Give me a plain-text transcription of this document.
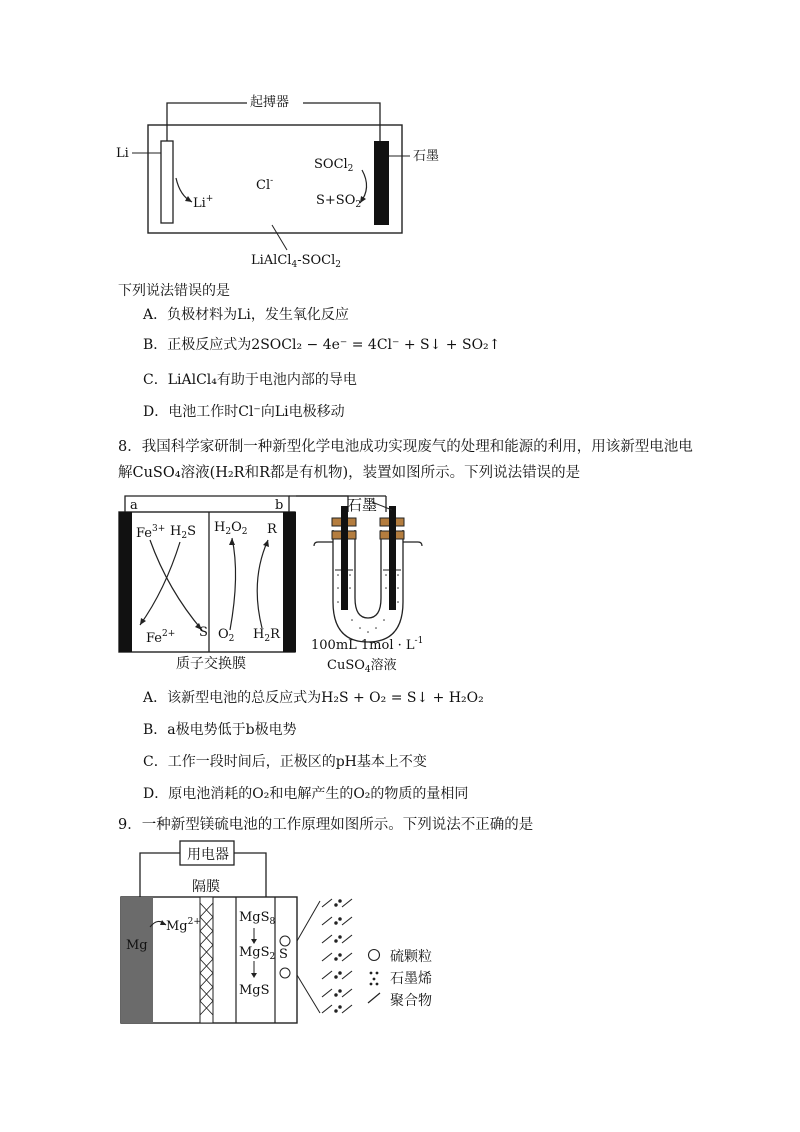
起搏器
Li	石墨
SOCl$_2$
Cl-
Li+	$S+SO_2$
LiAlCl$_4$-SOCl$_2$
下列说法错误的是
A．负极材料为Li，发生氧化反应
B．正极反应式为2SOCl₂ − 4e⁻ = 4Cl⁻ + S↓ + SO₂↑
C．LiAlCl₄有助于电池内部的导电
D．电池工作时Cl⁻向Li电极移动
8．我国科学家研制一种新型化学电池成功实现废气的处理和能源的利用，用该新型电池电
解CuSO₄溶液(H₂R和R都是有机物)，装置如图所示。下列说法错误的是
a	b	石墨
$Fe^{3+}$ $H_2S$ $H_2O_2$ R
$Fe^{2+}$ S $O_2$ $H_2R$
质子交换膜
100mL $1mol \cdot L^{-1}$
CuSO$_4$溶液
A．该新型电池的总反应式为H₂S + O₂ = S↓ + H₂O₂
B．a极电势低于b极电势
C．工作一段时间后，正极区的pH基本上不变
D．原电池消耗的O₂和电解产生的O₂的物质的量相同
9．一种新型镁硫电池的工作原理如图所示。下列说法不正确的是
用电器
隔膜
Mg
$Mg^{2+}$	MgS$_8$
MgS$_2$
MgS
S	硫颗粒
石墨烯
聚合物
